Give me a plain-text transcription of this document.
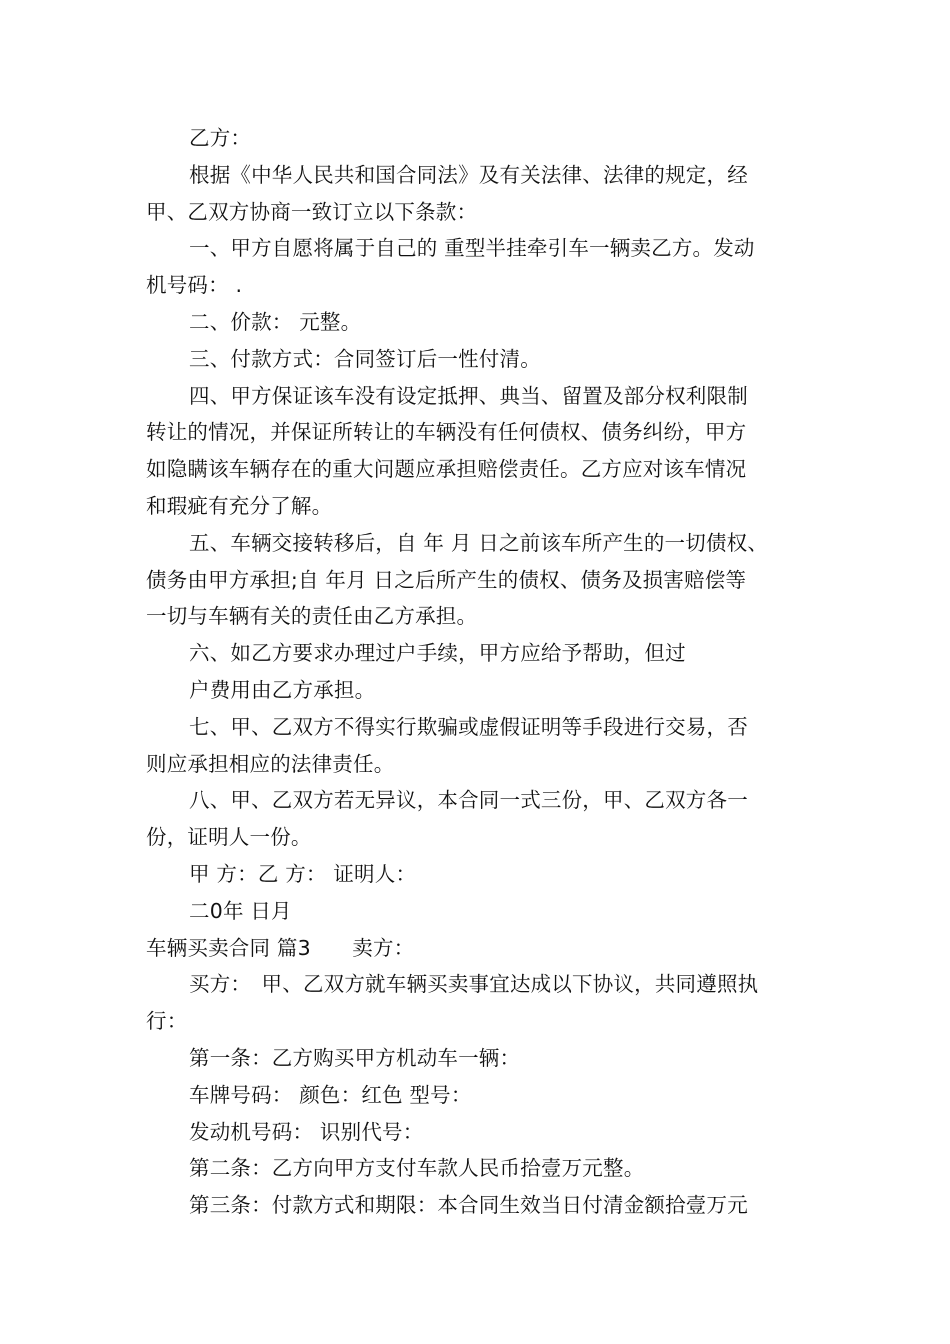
乙方：
根据《中华人民共和国合同法》及有关法律、法律的规定，经
甲、乙双方协商一致订立以下条款：
一、甲方自愿将属于自己的 重型半挂牵引车一辆卖乙方。发动
机号码： .
二、价款： 元整。
三、付款方式：合同签订后一性付清。
四、甲方保证该车没有设定抵押、典当、留置及部分权利限制
转让的情况，并保证所转让的车辆没有任何债权、债务纠纷，甲方
如隐瞒该车辆存在的重大问题应承担赔偿责任。乙方应对该车情况
和瑕疵有充分了解。
五、车辆交接转移后，自 年 月 日之前该车所产生的一切债权、
债务由甲方承担;自 年月 日之后所产生的债权、债务及损害赔偿等
一切与车辆有关的责任由乙方承担。
六、如乙方要求办理过户手续，甲方应给予帮助，但过
户费用由乙方承担。
七、甲、乙双方不得实行欺骗或虚假证明等手段进行交易，否
则应承担相应的法律责任。
八、甲、乙双方若无异议，本合同一式三份，甲、乙双方各一
份，证明人一份。
甲 方：乙 方： 证明人：
二0年 日月
车辆买卖合同 篇3　　卖方：
买方：　甲、乙双方就车辆买卖事宜达成以下协议，共同遵照执
行：
第一条：乙方购买甲方机动车一辆：
车牌号码： 颜色：红色 型号：
发动机号码： 识别代号：
第二条：乙方向甲方支付车款人民币拾壹万元整。
第三条：付款方式和期限：本合同生效当日付清金额拾壹万元
